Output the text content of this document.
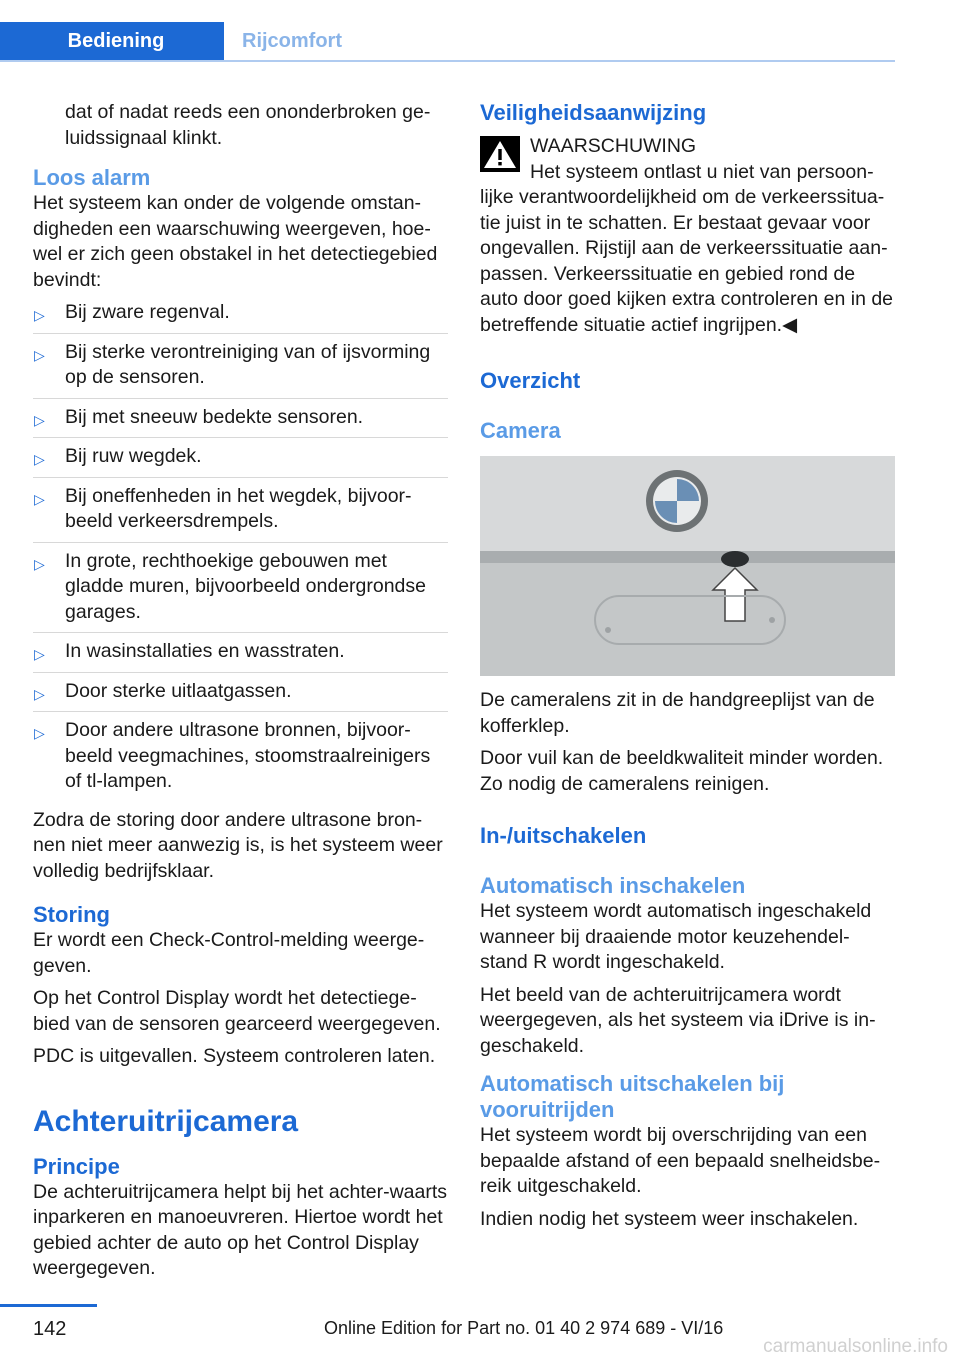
Bediening	Rijcomfort

dat of nadat reeds een ononderbroken ge-
luidssignaal klinkt.

Loos alarm

Het systeem kan onder de volgende omstan-digheden een waarschuwing weergeven, hoe-wel er zich geen obstakel in het detectiegebied bevindt:

▷ Bij zware regenval.
▷ Bij sterke verontreiniging van of ijsvorming op de sensoren.
▷ Bij met sneeuw bedekte sensoren.
▷ Bij ruw wegdek.
▷ Bij oneffenheden in het wegdek, bijvoor-beeld verkeersdrempels.
▷ In grote, rechthoekige gebouwen met gladde muren, bijvoorbeeld ondergrondse garages.
▷ In wasinstallaties en wasstraten.
▷ Door sterke uitlaatgassen.
▷ Door andere ultrasone bronnen, bijvoor-beeld veegmachines, stoomstraalreinigers of tl-lampen.

Zodra de storing door andere ultrasone bron-nen niet meer aanwezig is, is het systeem weer volledig bedrijfsklaar.

Storing

Er wordt een Check-Control-melding weerge-geven.

Op het Control Display wordt het detectiege-bied van de sensoren gearceerd weergegeven.

PDC is uitgevallen. Systeem controleren laten.

Achteruitrijcamera
Principe

De achteruitrijcamera helpt bij het achter-waarts inparkeren en manoeuvreren. Hiertoe wordt het gebied achter de auto op het Control Display weergegeven.

Veiligheidsaanwijzing
WAARSCHUWING
Het systeem ontlast u niet van persoon-
lijke verantwoordelijkheid om de verkeerssitua-tie juist in te schatten. Er bestaat gevaar voor ongevallen. Rijstijl aan de verkeerssituatie aan-passen. Verkeerssituatie en gebied rond de auto door goed kijken extra controleren en in de betreffende situatie actief ingrijpen.◀
Overzicht
Camera

De cameralens zit in de handgreeplijst van de kofferklep.

Door vuil kan de beeldkwaliteit minder worden. Zo nodig de cameralens reinigen.

In-/uitschakelen
Automatisch inschakelen

Het systeem wordt automatisch ingeschakeld wanneer bij draaiende motor keuzehendel-stand R wordt ingeschakeld.

Het beeld van de achteruitrijcamera wordt weergegeven, als het systeem via iDrive is in-geschakeld.

Automatisch uitschakelen bij vooruitrijden

Het systeem wordt bij overschrijding van een bepaalde afstand of een bepaald snelheidsbe-reik uitgeschakeld.

Indien nodig het systeem weer inschakelen.

142	Online Edition for Part no. 01 40 2 974 689 - VI/16
carmanualsonline.info
